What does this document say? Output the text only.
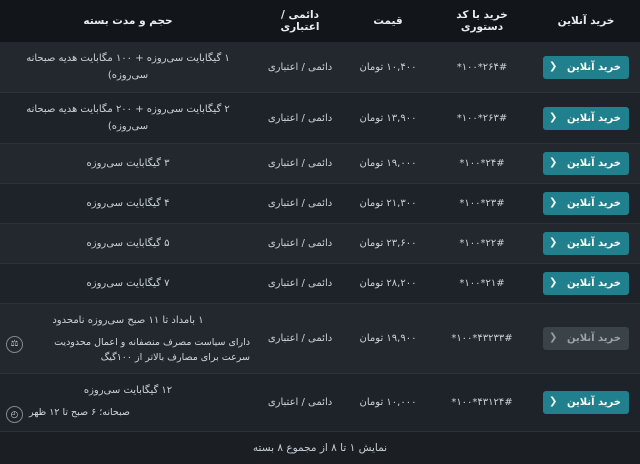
خرید آنلاین	خرید با کد دستوری	قیمت	دائمی / اعتباری	حجم و مدت بسته

خرید آنلاین
❮	*۱۰۰*۲۶۴#	۱۰,۴۰۰ تومان	دائمی / اعتباری	۱ گیگابایت سی‌روزه + ۱۰۰ مگابایت هدیه صبحانه سی‌روزه)

خرید آنلاین
❮	*۱۰۰*۲۶۳#	۱۳,۹۰۰ تومان	دائمی / اعتباری	۲ گیگابایت سی‌روزه + ۲۰۰ مگابایت هدیه صبحانه سی‌روزه)

خرید آنلاین
❮	*۱۰۰*۲۴#	۱۹,۰۰۰ تومان	دائمی / اعتباری	۳ گیگابایت سی‌روزه

خرید آنلاین
❮	*۱۰۰*۲۳#	۲۱,۳۰۰ تومان	دائمی / اعتباری	۴ گیگابایت سی‌روزه

خرید آنلاین
❮	*۱۰۰*۲۲#	۲۳,۶۰۰ تومان	دائمی / اعتباری	۵ گیگابایت سی‌روزه

خرید آنلاین
❮	*۱۰۰*۲۱#	۲۸,۲۰۰ تومان	دائمی / اعتباری	۷ گیگابایت سی‌روزه

خرید آنلاین
❮	*۱۰۰*۴۳۲۳۳#	۱۹,۹۰۰ تومان	دائمی / اعتباری	۱ بامداد تا ۱۱ صبح سی‌روزه نامحدود
دارای سیاست مصرف منصفانه و اعمال محدودیت سرعت برای مصارف بالاتر از ۱۰۰گیگ
⚖

خرید آنلاین
❮	*۱۰۰*۴۳۱۲۴#	۱۰,۰۰۰ تومان	دائمی / اعتباری	۱۲ گیگابایت سی‌روزه
صبحانه؛ ۶ صبح تا ۱۲ ظهر
◴
نمایش ۱ تا ۸ از مجموع ۸ بسته
